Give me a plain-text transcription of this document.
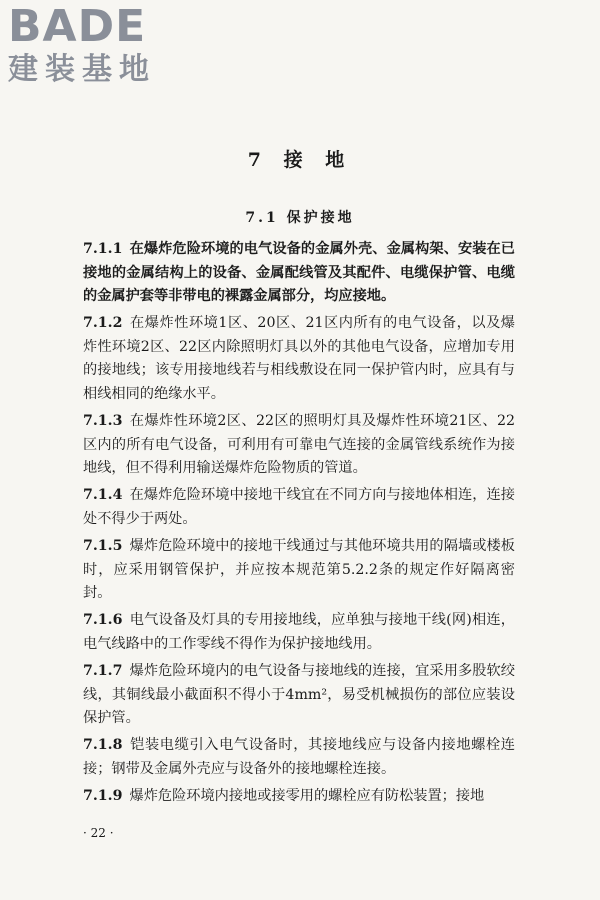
BADE
建装基地
7 接 地
7.1 保护接地

7.1.1 在爆炸危险环境的电气设备的金属外壳、金属构架、安装在已接地的金属结构上的设备、金属配线管及其配件、电缆保护管、电缆的金属护套等非带电的裸露金属部分，均应接地。

7.1.2 在爆炸性环境1区、20区、21区内所有的电气设备，以及爆炸性环境2区、22区内除照明灯具以外的其他电气设备，应增加专用的接地线；该专用接地线若与相线敷设在同一保护管内时，应具有与相线相同的绝缘水平。

7.1.3 在爆炸性环境2区、22区的照明灯具及爆炸性环境21区、22区内的所有电气设备，可利用有可靠电气连接的金属管线系统作为接地线，但不得利用输送爆炸危险物质的管道。

7.1.4 在爆炸危险环境中接地干线宜在不同方向与接地体相连，连接处不得少于两处。

7.1.5 爆炸危险环境中的接地干线通过与其他环境共用的隔墙或楼板时，应采用钢管保护，并应按本规范第5.2.2条的规定作好隔离密封。

7.1.6 电气设备及灯具的专用接地线，应单独与接地干线(网)相连，电气线路中的工作零线不得作为保护接地线用。

7.1.7 爆炸危险环境内的电气设备与接地线的连接，宜采用多股软绞线，其铜线最小截面积不得小于4mm²，易受机械损伤的部位应装设保护管。

7.1.8 铠装电缆引入电气设备时，其接地线应与设备内接地螺栓连接；钢带及金属外壳应与设备外的接地螺栓连接。

7.1.9 爆炸危险环境内接地或接零用的螺栓应有防松装置；接地

· 22 ·
